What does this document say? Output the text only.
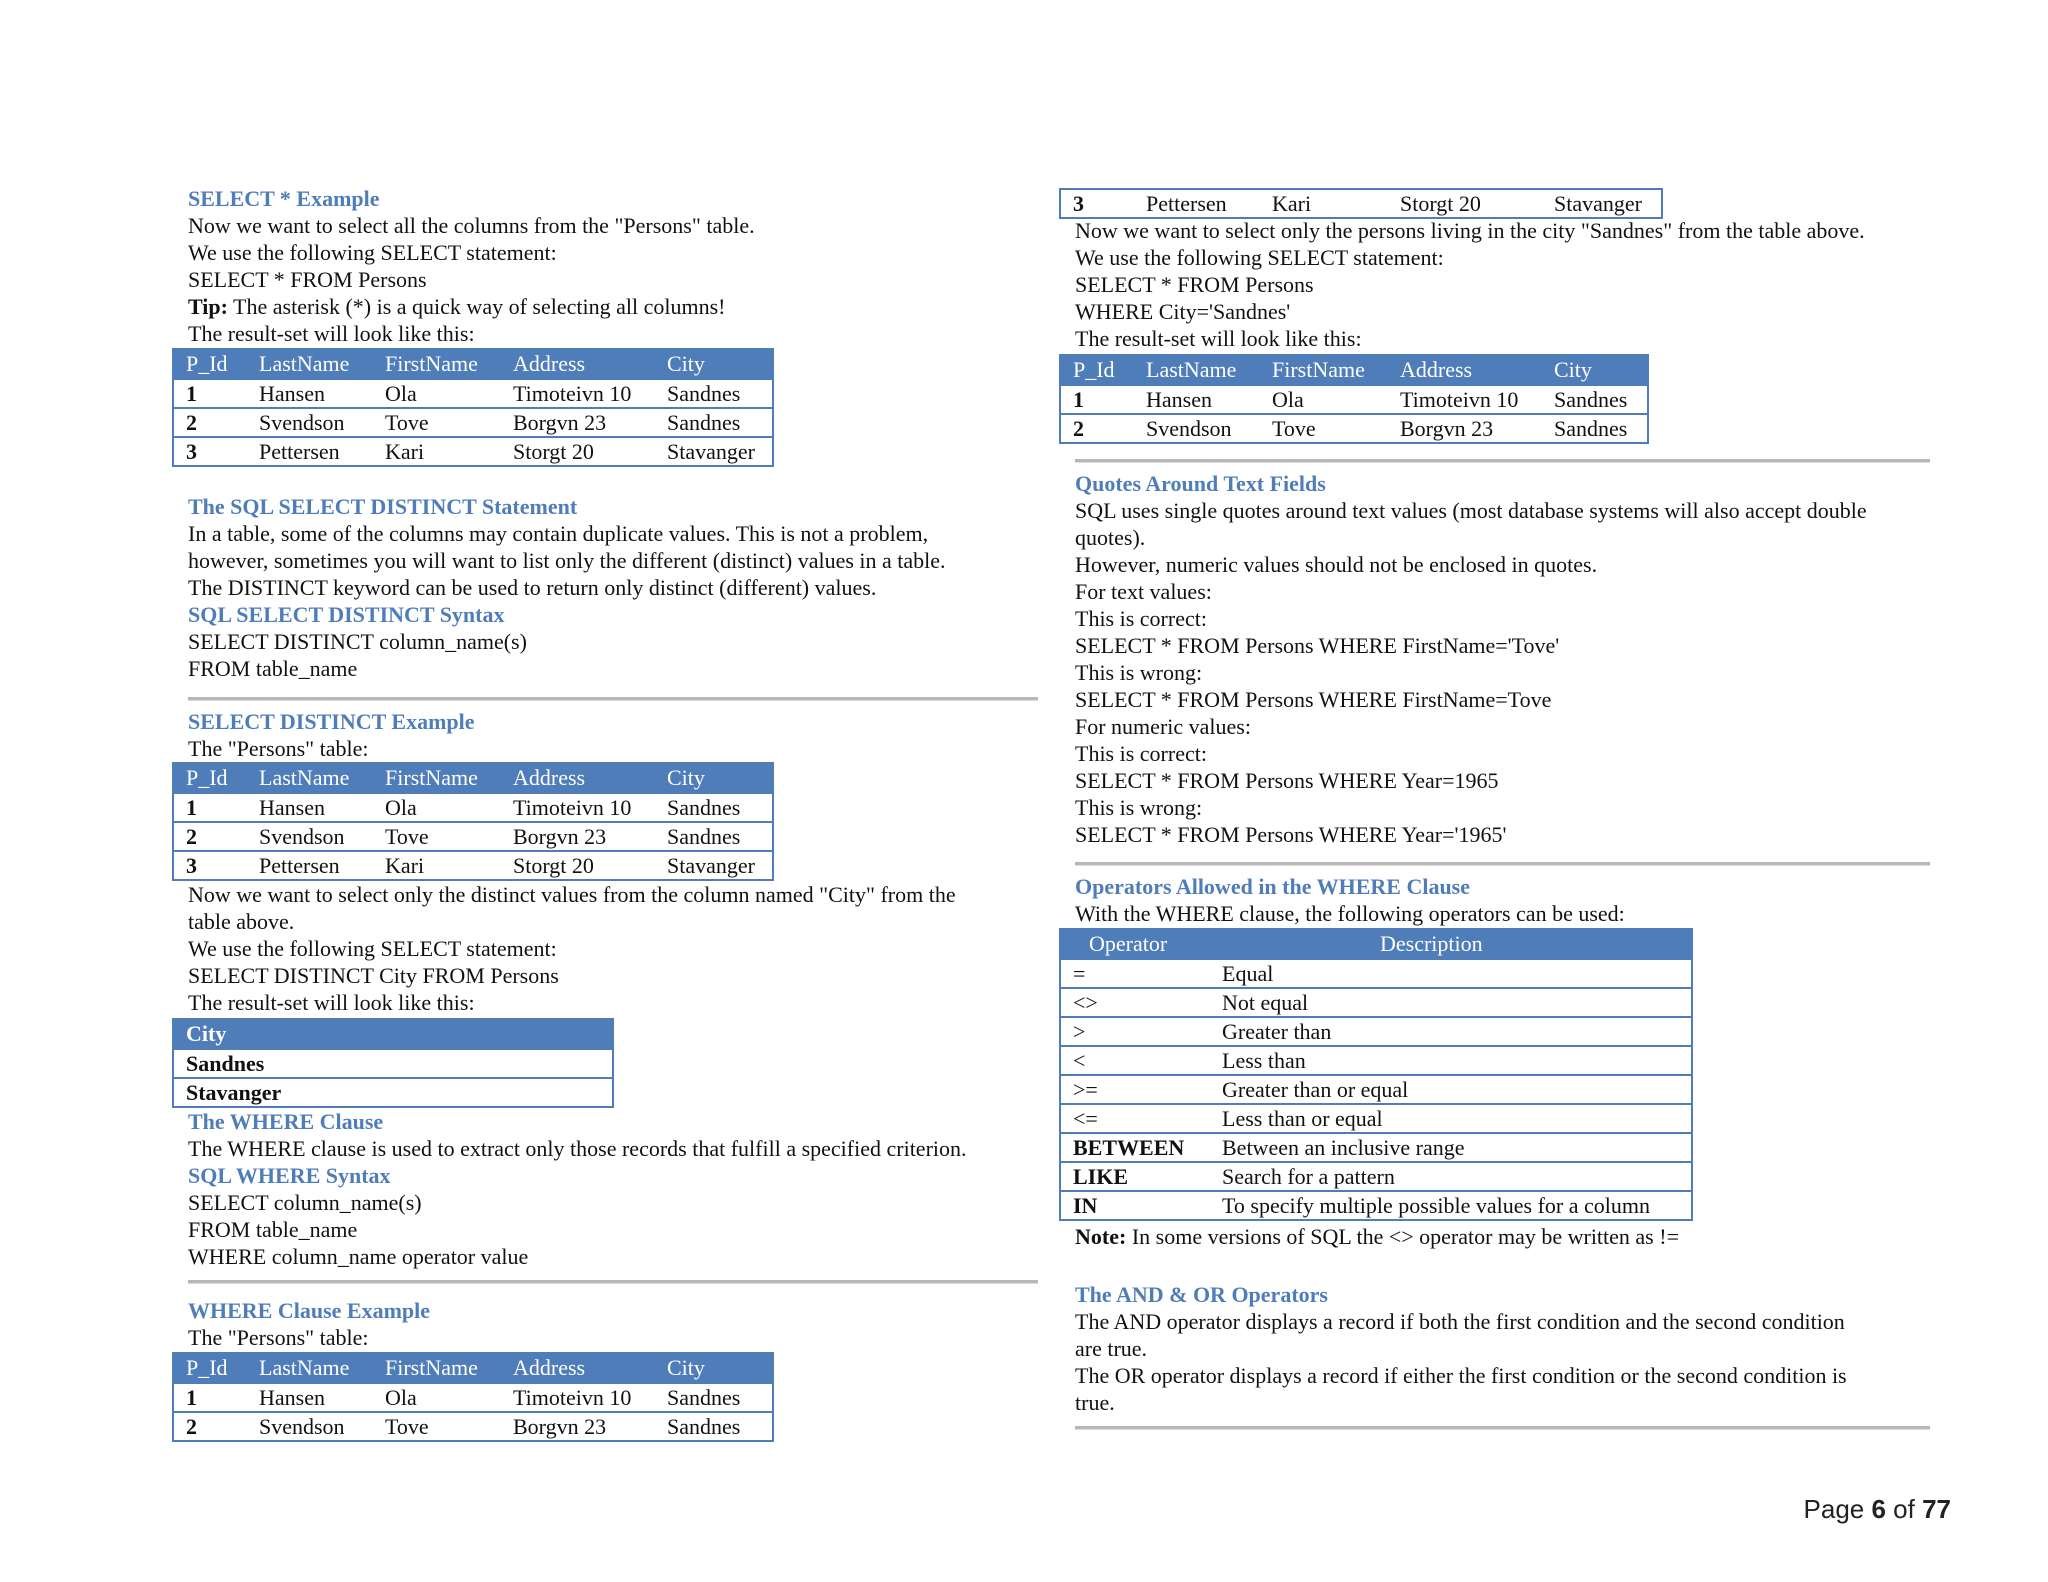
SELECT * Example
Now we want to select all the columns from the "Persons" table.
We use the following SELECT statement:
SELECT * FROM Persons
Tip: The asterisk (*) is a quick way of selecting all columns!
The result-set will look like this:
P_Id	LastName	FirstName	Address	City
1	Hansen	Ola	Timoteivn 10	Sandnes
2	Svendson	Tove	Borgvn 23	Sandnes
3	Pettersen	Kari	Storgt 20	Stavanger
The SQL SELECT DISTINCT Statement
In a table, some of the columns may contain duplicate values. This is not a problem,
however, sometimes you will want to list only the different (distinct) values in a table.
The DISTINCT keyword can be used to return only distinct (different) values.
SQL SELECT DISTINCT Syntax
SELECT DISTINCT column_name(s)
FROM table_name
SELECT DISTINCT Example
The "Persons" table:
P_Id	LastName	FirstName	Address	City
1	Hansen	Ola	Timoteivn 10	Sandnes
2	Svendson	Tove	Borgvn 23	Sandnes
3	Pettersen	Kari	Storgt 20	Stavanger
Now we want to select only the distinct values from the column named "City" from the
table above.
We use the following SELECT statement:
SELECT DISTINCT City FROM Persons
The result-set will look like this:
City
Sandnes
Stavanger
The WHERE Clause
The WHERE clause is used to extract only those records that fulfill a specified criterion.
SQL WHERE Syntax
SELECT column_name(s)
FROM table_name
WHERE column_name operator value
WHERE Clause Example
The "Persons" table:
P_Id	LastName	FirstName	Address	City
1	Hansen	Ola	Timoteivn 10	Sandnes
2	Svendson	Tove	Borgvn 23	Sandnes
3	Pettersen	Kari	Storgt 20	Stavanger
Now we want to select only the persons living in the city "Sandnes" from the table above.
We use the following SELECT statement:
SELECT * FROM Persons
WHERE City='Sandnes'
The result-set will look like this:
P_Id	LastName	FirstName	Address	City
1	Hansen	Ola	Timoteivn 10	Sandnes
2	Svendson	Tove	Borgvn 23	Sandnes
Quotes Around Text Fields
SQL uses single quotes around text values (most database systems will also accept double
quotes).
However, numeric values should not be enclosed in quotes.
For text values:
This is correct:
SELECT * FROM Persons WHERE FirstName='Tove'
This is wrong:
SELECT * FROM Persons WHERE FirstName=Tove
For numeric values:
This is correct:
SELECT * FROM Persons WHERE Year=1965
This is wrong:
SELECT * FROM Persons WHERE Year='1965'
Operators Allowed in the WHERE Clause
With the WHERE clause, the following operators can be used:
Operator	Description
=	Equal
<>	Not equal
>	Greater than
<	Less than
>=	Greater than or equal
<=	Less than or equal
BETWEEN	Between an inclusive range
LIKE	Search for a pattern
IN	To specify multiple possible values for a column
Note: In some versions of SQL the <> operator may be written as !=
The AND & OR Operators
The AND operator displays a record if both the first condition and the second condition
are true.
The OR operator displays a record if either the first condition or the second condition is
true.
Page 6 of 77
